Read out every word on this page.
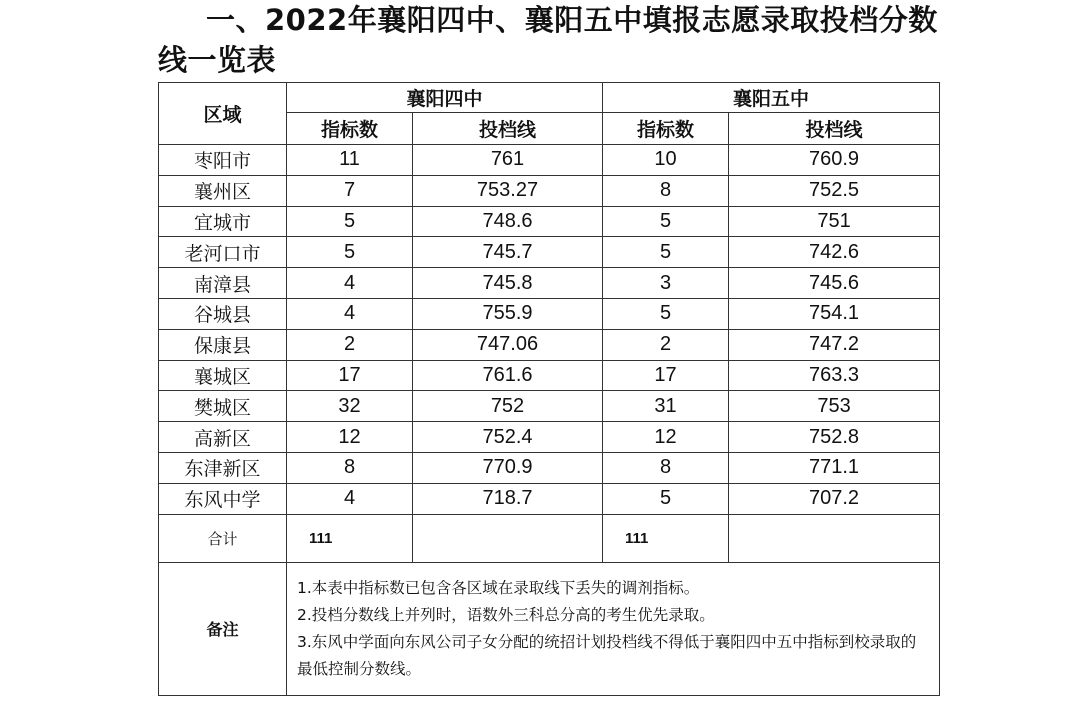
一、2022年襄阳四中、襄阳五中填报志愿录取投档分数线一览表
区域	襄阳四中		襄阳五中	
	指标数	投档线	指标数	投档线
枣阳市	11	761	10	760.9
襄州区	7	753.27	8	752.5
宜城市	5	748.6	5	751
老河口市	5	745.7	5	742.6
南漳县	4	745.8	3	745.6
谷城县	4	755.9	5	754.1
保康县	2	747.06	2	747.2
襄城区	17	761.6	17	763.3
樊城区	32	752	31	753
高新区	12	752.4	12	752.8
东津新区	8	770.9	8	771.1
东风中学	4	718.7	5	707.2
合计	111		111	
备注	1.本表中指标数已包含各区域在录取线下丢失的调剂指标。
2.投档分数线上并列时，语数外三科总分高的考生优先录取。
3.东风中学面向东风公司子女分配的统招计划投档线不得低于襄阳四中五中指标到校录取的最低控制分数线。			
